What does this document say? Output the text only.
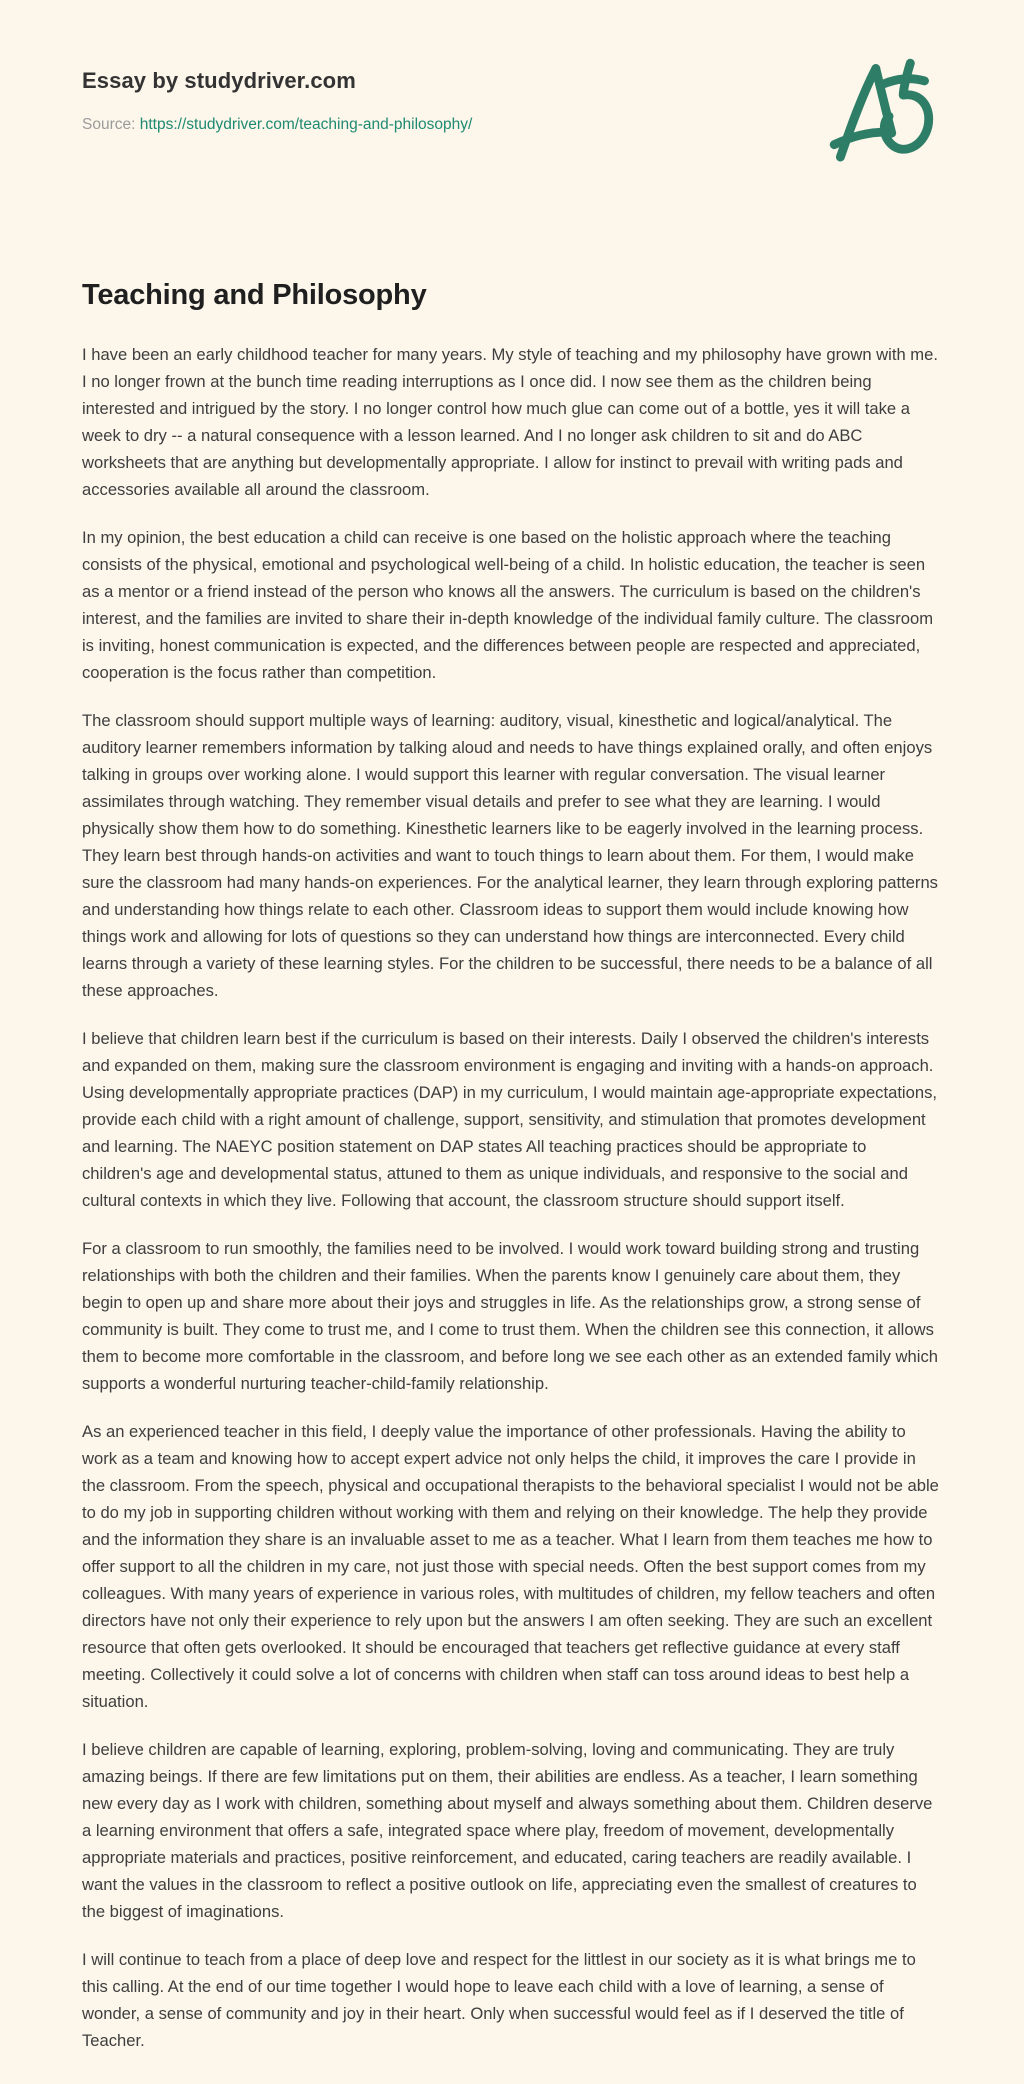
Essay by studydriver.com

Source: https://studydriver.com/teaching-and-philosophy/

Teaching and Philosophy

I have been an early childhood teacher for many years. My style of teaching and my philosophy have grown with me. I no longer frown at the bunch time reading interruptions as I once did. I now see them as the children being interested and intrigued by the story. I no longer control how much glue can come out of a bottle, yes it will take a week to dry -- a natural consequence with a lesson learned. And I no longer ask children to sit and do ABC worksheets that are anything but developmentally appropriate. I allow for instinct to prevail with writing pads and accessories available all around the classroom.

In my opinion, the best education a child can receive is one based on the holistic approach where the teaching consists of the physical, emotional and psychological well-being of a child. In holistic education, the teacher is seen as a mentor or a friend instead of the person who knows all the answers. The curriculum is based on the children's interest, and the families are invited to share their in-depth knowledge of the individual family culture. The classroom is inviting, honest communication is expected, and the differences between people are respected and appreciated, cooperation is the focus rather than competition.

The classroom should support multiple ways of learning: auditory, visual, kinesthetic and logical/analytical. The auditory learner remembers information by talking aloud and needs to have things explained orally, and often enjoys talking in groups over working alone. I would support this learner with regular conversation. The visual learner assimilates through watching. They remember visual details and prefer to see what they are learning. I would physically show them how to do something. Kinesthetic learners like to be eagerly involved in the learning process. They learn best through hands-on activities and want to touch things to learn about them. For them, I would make sure the classroom had many hands-on experiences. For the analytical learner, they learn through exploring patterns and understanding how things relate to each other. Classroom ideas to support them would include knowing how things work and allowing for lots of questions so they can understand how things are interconnected. Every child learns through a variety of these learning styles. For the children to be successful, there needs to be a balance of all these approaches.

I believe that children learn best if the curriculum is based on their interests. Daily I observed the children's interests and expanded on them, making sure the classroom environment is engaging and inviting with a hands-on approach. Using developmentally appropriate practices (DAP) in my curriculum, I would maintain age-appropriate expectations, provide each child with a right amount of challenge, support, sensitivity, and stimulation that promotes development and learning. The NAEYC position statement on DAP states All teaching practices should be appropriate to children's age and developmental status, attuned to them as unique individuals, and responsive to the social and cultural contexts in which they live. Following that account, the classroom structure should support itself.

For a classroom to run smoothly, the families need to be involved. I would work toward building strong and trusting relationships with both the children and their families. When the parents know I genuinely care about them, they begin to open up and share more about their joys and struggles in life. As the relationships grow, a strong sense of community is built. They come to trust me, and I come to trust them. When the children see this connection, it allows them to become more comfortable in the classroom, and before long we see each other as an extended family which supports a wonderful nurturing teacher-child-family relationship.

As an experienced teacher in this field, I deeply value the importance of other professionals. Having the ability to work as a team and knowing how to accept expert advice not only helps the child, it improves the care I provide in the classroom. From the speech, physical and occupational therapists to the behavioral specialist I would not be able to do my job in supporting children without working with them and relying on their knowledge. The help they provide and the information they share is an invaluable asset to me as a teacher. What I learn from them teaches me how to offer support to all the children in my care, not just those with special needs. Often the best support comes from my colleagues. With many years of experience in various roles, with multitudes of children, my fellow teachers and often directors have not only their experience to rely upon but the answers I am often seeking. They are such an excellent resource that often gets overlooked. It should be encouraged that teachers get reflective guidance at every staff meeting. Collectively it could solve a lot of concerns with children when staff can toss around ideas to best help a situation.

I believe children are capable of learning, exploring, problem-solving, loving and communicating. They are truly amazing beings. If there are few limitations put on them, their abilities are endless. As a teacher, I learn something new every day as I work with children, something about myself and always something about them. Children deserve a learning environment that offers a safe, integrated space where play, freedom of movement, developmentally appropriate materials and practices, positive reinforcement, and educated, caring teachers are readily available. I want the values in the classroom to reflect a positive outlook on life, appreciating even the smallest of creatures to the biggest of imaginations.

I will continue to teach from a place of deep love and respect for the littlest in our society as it is what brings me to this calling. At the end of our time together I would hope to leave each child with a love of learning, a sense of wonder, a sense of community and joy in their heart. Only when successful would feel as if I deserved the title of Teacher.
